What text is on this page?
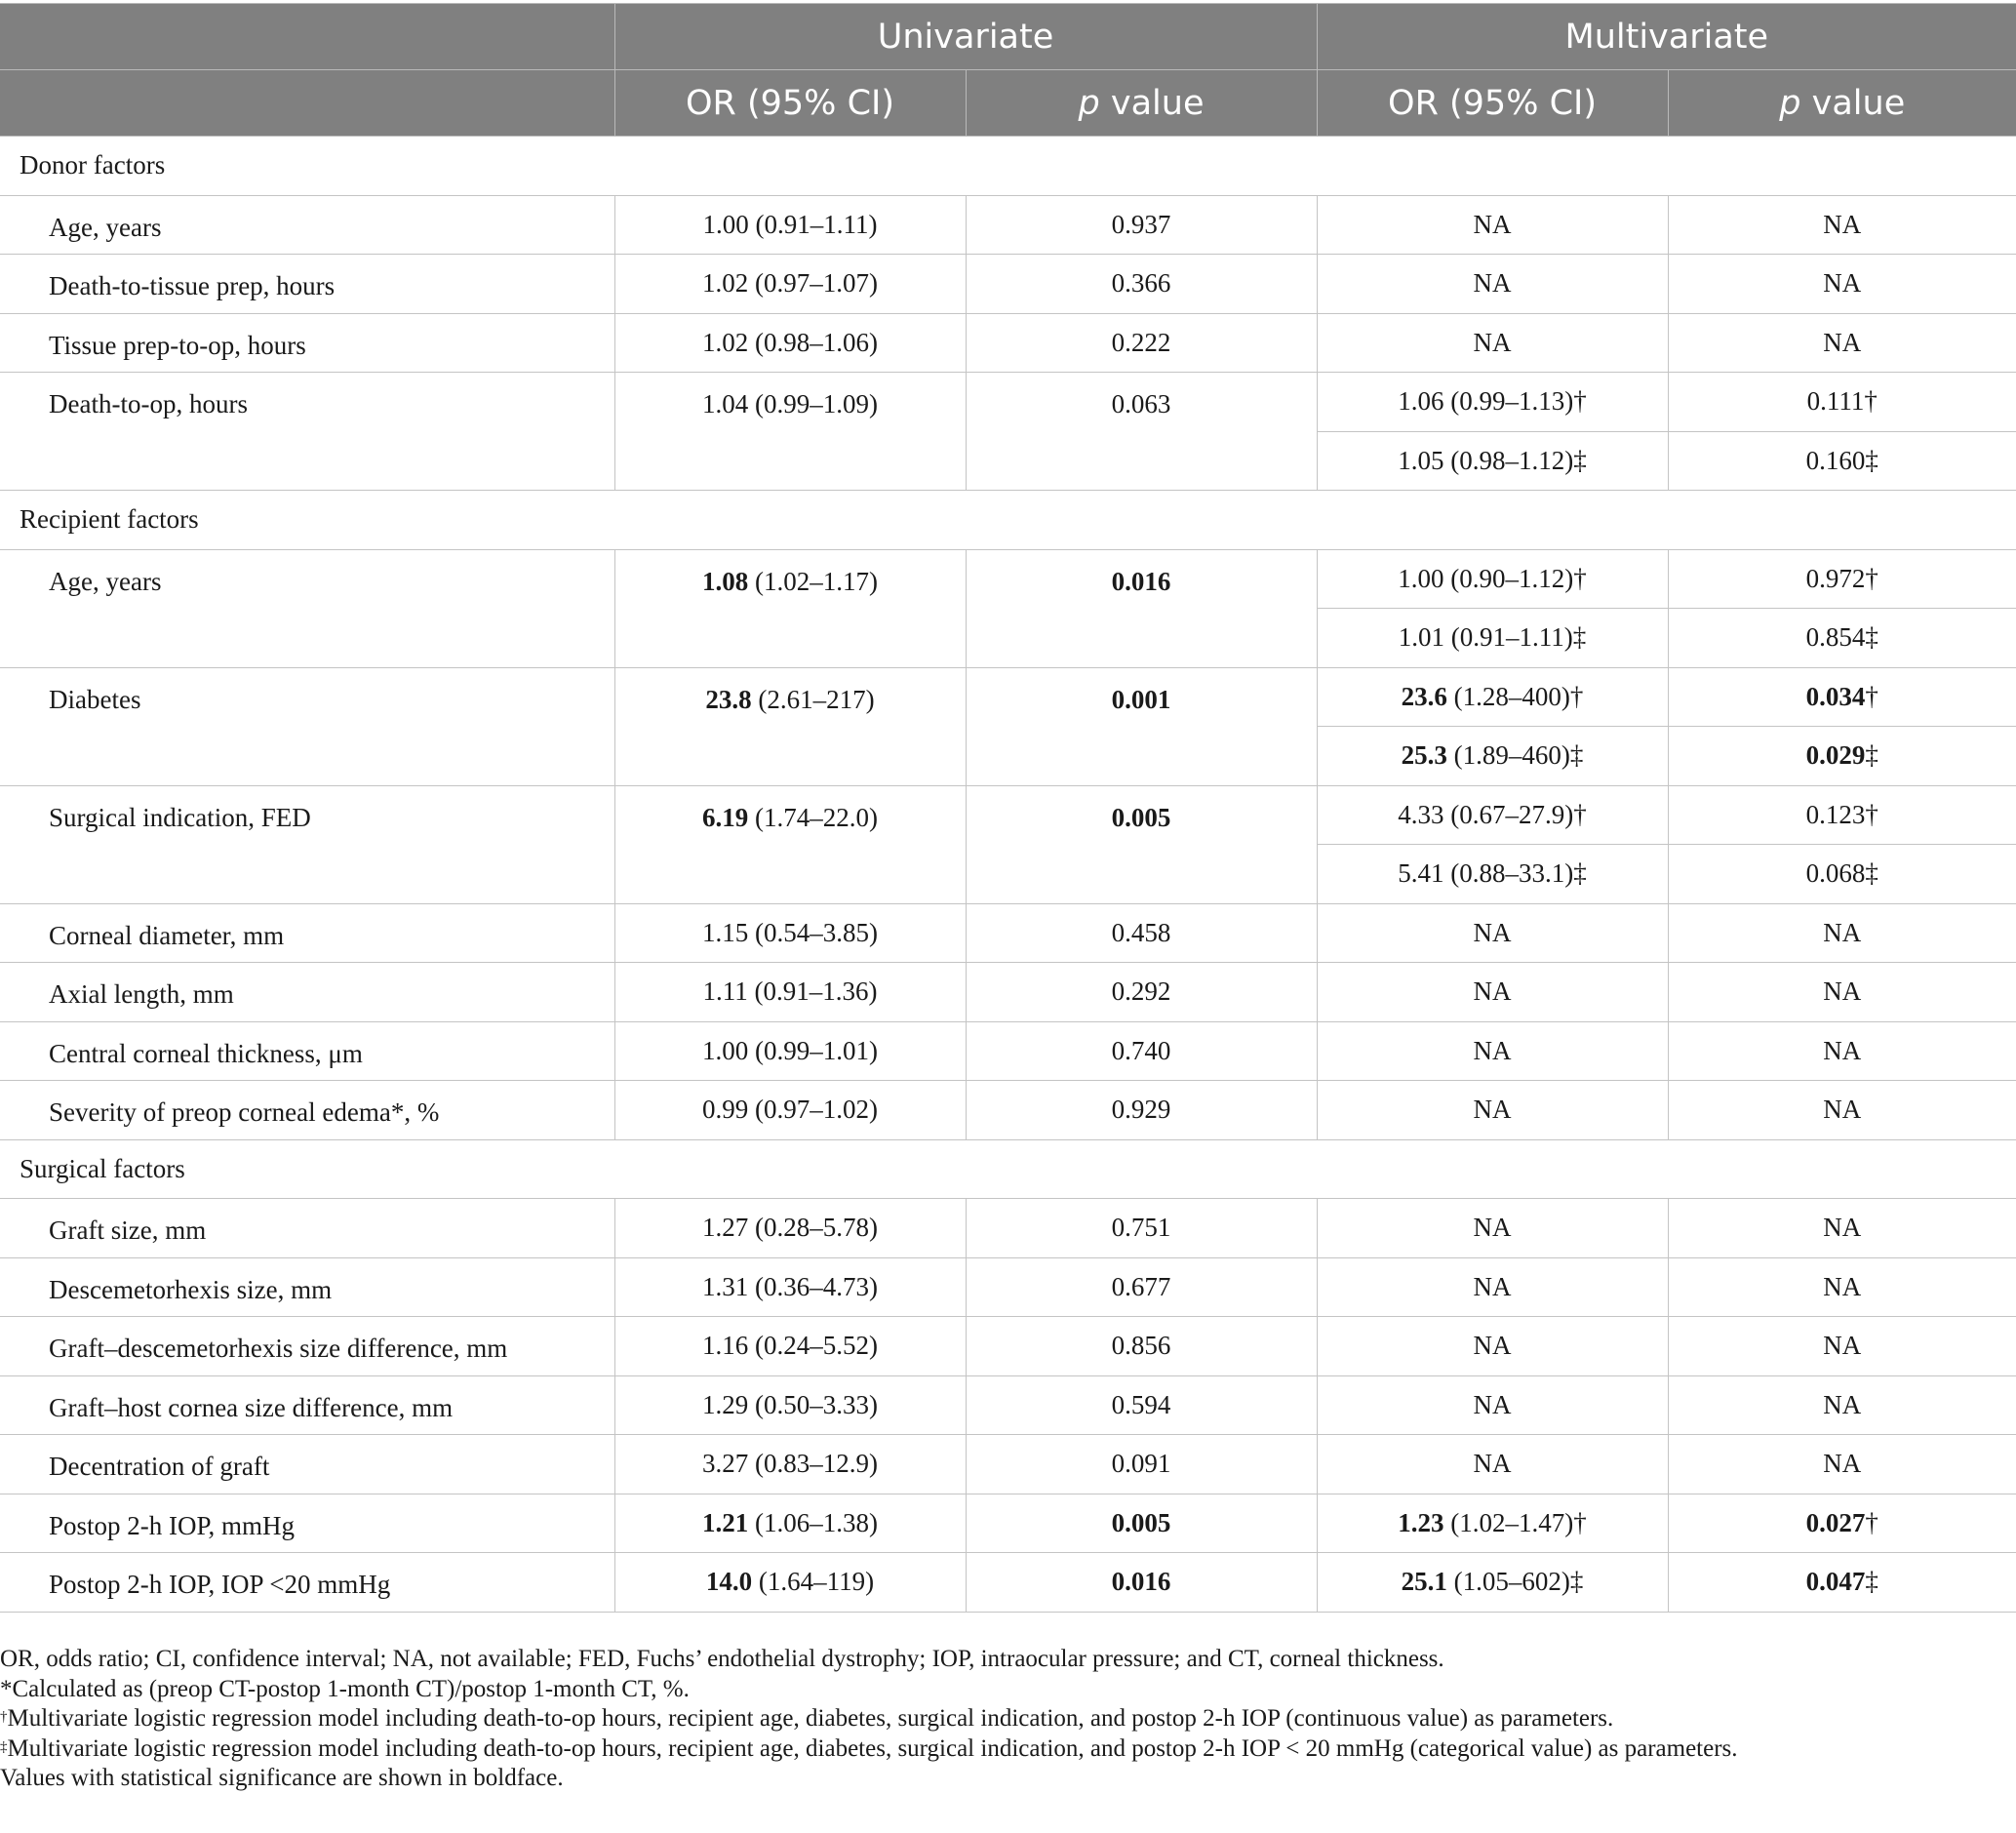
	Univariate		Multivariate	
	OR (95% CI)	p value	OR (95% CI)	p value
Donor factors				
Age, years	1.00 (0.91–1.11)	0.937	NA	NA
Death-to-tissue prep, hours	1.02 (0.97–1.07)	0.366	NA	NA
Tissue prep-to-op, hours	1.02 (0.98–1.06)	0.222	NA	NA
Death-to-op, hours	1.04 (0.99–1.09)	0.063	1.06 (0.99–1.13)†	0.111†
			1.05 (0.98–1.12)‡	0.160‡
Recipient factors				
Age, years	1.08 (1.02–1.17)	0.016	1.00 (0.90–1.12)†	0.972†
			1.01 (0.91–1.11)‡	0.854‡
Diabetes	23.8 (2.61–217)	0.001	23.6 (1.28–400)†	0.034†
			25.3 (1.89–460)‡	0.029‡
Surgical indication, FED	6.19 (1.74–22.0)	0.005	4.33 (0.67–27.9)†	0.123†
			5.41 (0.88–33.1)‡	0.068‡
Corneal diameter, mm	1.15 (0.54–3.85)	0.458	NA	NA
Axial length, mm	1.11 (0.91–1.36)	0.292	NA	NA
Central corneal thickness, μm	1.00 (0.99–1.01)	0.740	NA	NA
Severity of preop corneal edema*, %	0.99 (0.97–1.02)	0.929	NA	NA
Surgical factors				
Graft size, mm	1.27 (0.28–5.78)	0.751	NA	NA
Descemetorhexis size, mm	1.31 (0.36–4.73)	0.677	NA	NA
Graft–descemetorhexis size difference, mm	1.16 (0.24–5.52)	0.856	NA	NA
Graft–host cornea size difference, mm	1.29 (0.50–3.33)	0.594	NA	NA
Decentration of graft	3.27 (0.83–12.9)	0.091	NA	NA
Postop 2-h IOP, mmHg	1.21 (1.06–1.38)	0.005	1.23 (1.02–1.47)†	0.027†
Postop 2-h IOP, IOP <20 mmHg	14.0 (1.64–119)	0.016	25.1 (1.05–602)‡	0.047‡
OR, odds ratio; CI, confidence interval; NA, not available; FED, Fuchs’ endothelial dystrophy; IOP, intraocular pressure; and CT, corneal thickness.
*Calculated as (preop CT-postop 1-month CT)/postop 1-month CT, %.
†Multivariate logistic regression model including death-to-op hours, recipient age, diabetes, surgical indication, and postop 2-h IOP (continuous value) as parameters.
‡Multivariate logistic regression model including death-to-op hours, recipient age, diabetes, surgical indication, and postop 2-h IOP < 20 mmHg (categorical value) as parameters.
Values with statistical significance are shown in boldface.
